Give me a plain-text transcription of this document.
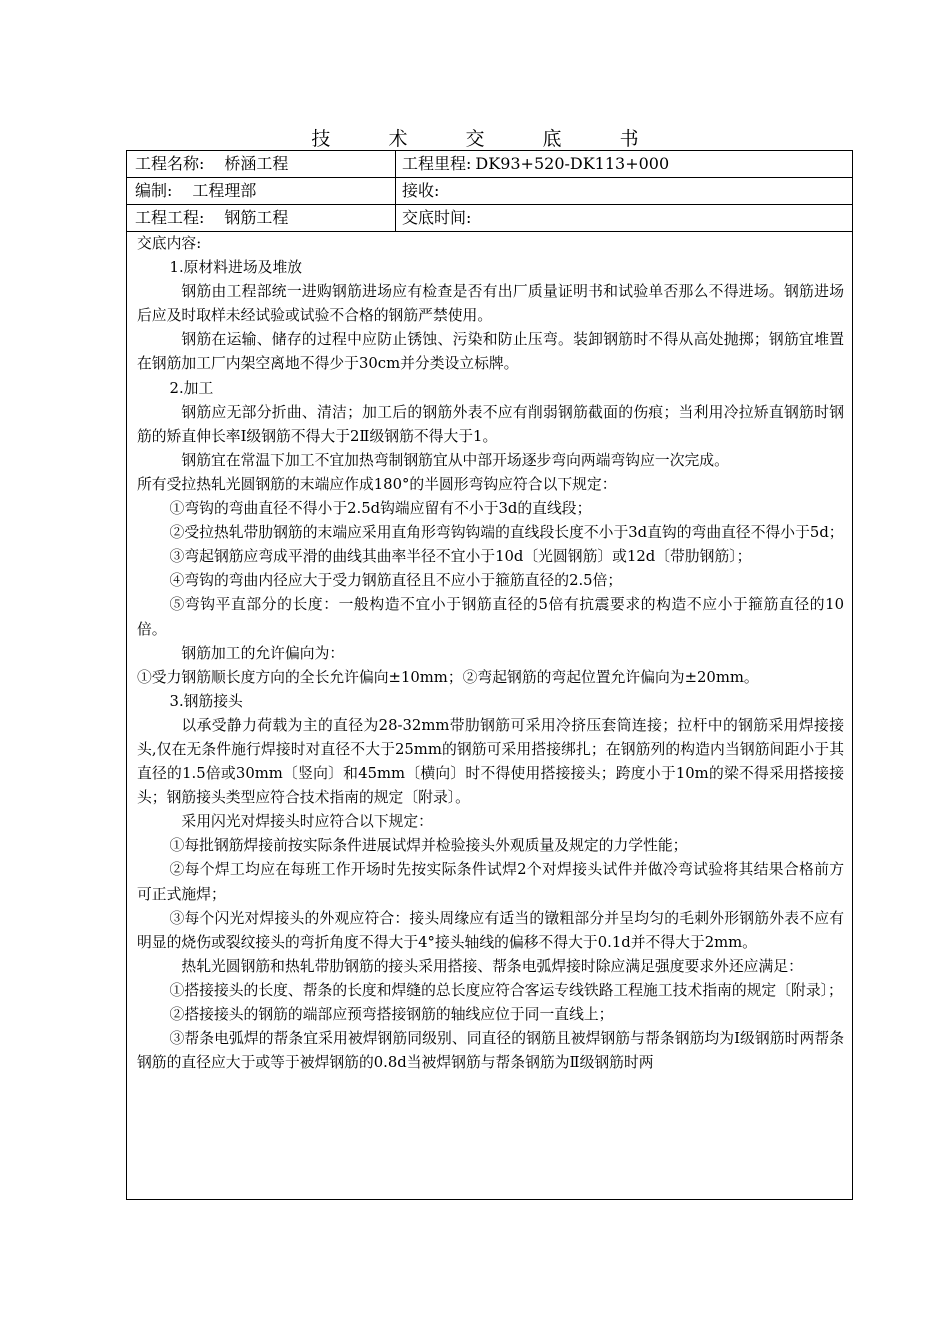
技 术 交 底 书
工程名称: 桥涵工程	工程里程: DK93+520-DK113+000
编制: 工程理部	接收:
工程工程: 钢筋工程	交底时间:

交底内容:

1.原材料进场及堆放

钢筋由工程部统一进购钢筋进场应有检查是否有出厂质量证明书和试验单否那么不得进场。钢筋进场后应及时取样未经试验或试验不合格的钢筋严禁使用。

钢筋在运输、储存的过程中应防止锈蚀、污染和防止压弯。装卸钢筋时不得从高处抛掷；钢筋宜堆置在钢筋加工厂内架空离地不得少于30cm并分类设立标牌。

2.加工

钢筋应无部分折曲、清洁；加工后的钢筋外表不应有削弱钢筋截面的伤痕；当利用冷拉矫直钢筋时钢筋的矫直伸长率Ⅰ级钢筋不得大于2Ⅱ级钢筋不得大于1。

钢筋宜在常温下加工不宜加热弯制钢筋宜从中部开场逐步弯向两端弯钩应一次完成。

所有受拉热轧光圆钢筋的末端应作成180°的半圆形弯钩应符合以下规定：

①弯钩的弯曲直径不得小于2.5d钩端应留有不小于3d的直线段；

②受拉热轧带肋钢筋的末端应采用直角形弯钩钩端的直线段长度不小于3d直钩的弯曲直径不得小于5d；

③弯起钢筋应弯成平滑的曲线其曲率半径不宜小于10d〔光圆钢筋〕或12d〔带肋钢筋〕；

④弯钩的弯曲内径应大于受力钢筋直径且不应小于箍筋直径的2.5倍；

⑤弯钩平直部分的长度：一般构造不宜小于钢筋直径的5倍有抗震要求的构造不应小于箍筋直径的10倍。

钢筋加工的允许偏向为：

①受力钢筋顺长度方向的全长允许偏向±10mm；②弯起钢筋的弯起位置允许偏向为±20mm。

3.钢筋接头

以承受静力荷载为主的直径为28-32mm带肋钢筋可采用冷挤压套筒连接；拉杆中的钢筋采用焊接接头,仅在无条件施行焊接时对直径不大于25mm的钢筋可采用搭接绑扎；在钢筋列的构造内当钢筋间距小于其直径的1.5倍或30mm〔竖向〕和45mm〔横向〕时不得使用搭接接头；跨度小于10m的梁不得采用搭接接头；钢筋接头类型应符合技术指南的规定〔附录〕。

采用闪光对焊接头时应符合以下规定：

①每批钢筋焊接前按实际条件进展试焊并检验接头外观质量及规定的力学性能；

②每个焊工均应在每班工作开场时先按实际条件试焊2个对焊接头试件并做冷弯试验将其结果合格前方可正式施焊；

③每个闪光对焊接头的外观应符合：接头周缘应有适当的镦粗部分并呈均匀的毛刺外形钢筋外表不应有明显的烧伤或裂纹接头的弯折角度不得大于4°接头轴线的偏移不得大于0.1d并不得大于2mm。

热轧光圆钢筋和热轧带肋钢筋的接头采用搭接、帮条电弧焊接时除应满足强度要求外还应满足：

①搭接接头的长度、帮条的长度和焊缝的总长度应符合客运专线铁路工程施工技术指南的规定〔附录〕；

②搭接接头的钢筋的端部应预弯搭接钢筋的轴线应位于同一直线上；

③帮条电弧焊的帮条宜采用被焊钢筋同级别、同直径的钢筋且被焊钢筋与帮条钢筋均为Ⅰ级钢筋时两帮条钢筋的直径应大于或等于被焊钢筋的0.8d当被焊钢筋与帮条钢筋为Ⅱ级钢筋时两
